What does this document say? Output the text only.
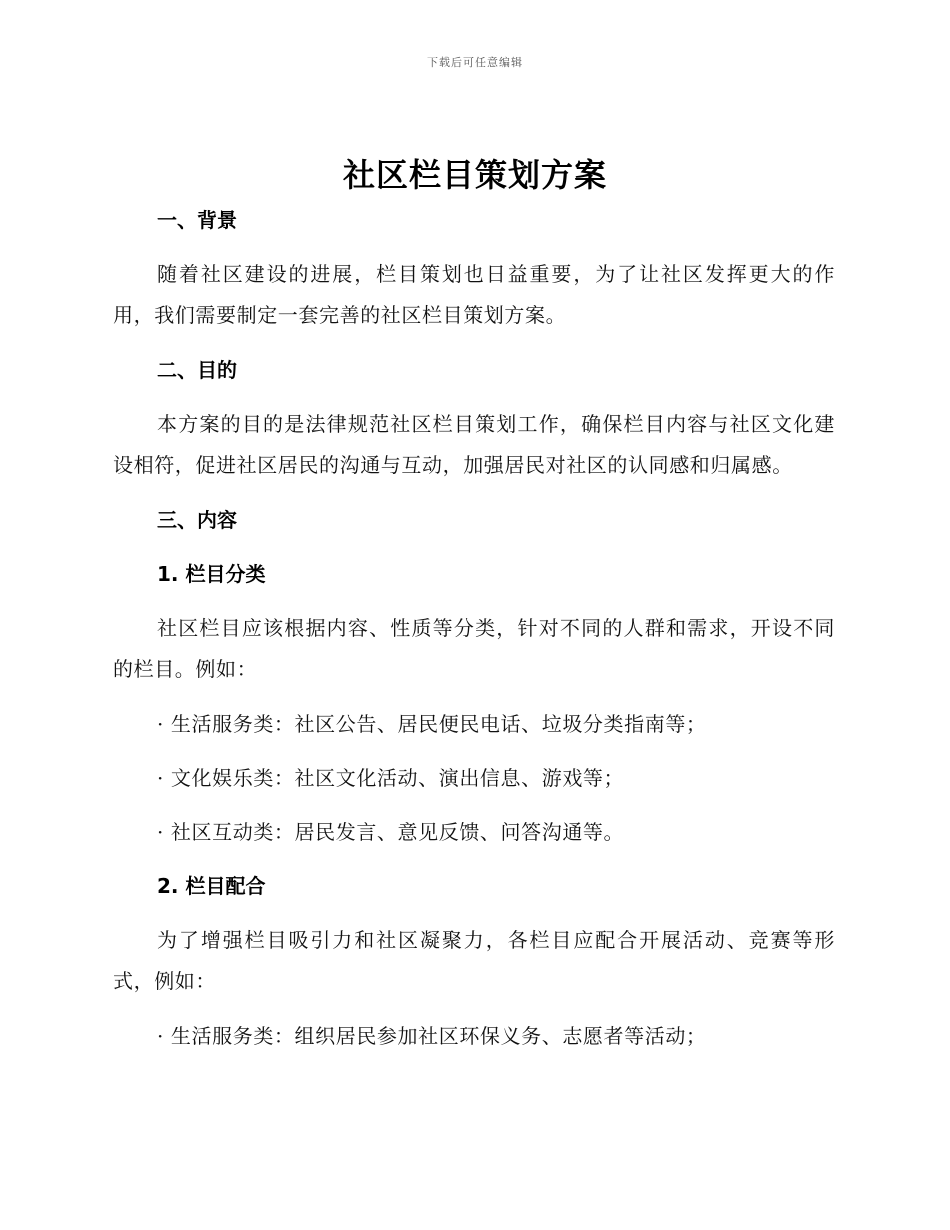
下载后可任意编辑
社区栏目策划方案

一、背景

随着社区建设的进展，栏目策划也日益重要，为了让社区发挥更大的作用，我们需要制定一套完善的社区栏目策划方案。

二、目的

本方案的目的是法律规范社区栏目策划工作，确保栏目内容与社区文化建设相符，促进社区居民的沟通与互动，加强居民对社区的认同感和归属感。

三、内容

1. 栏目分类

社区栏目应该根据内容、性质等分类，针对不同的人群和需求，开设不同的栏目。例如：

· 生活服务类：社区公告、居民便民电话、垃圾分类指南等；

· 文化娱乐类：社区文化活动、演出信息、游戏等；

· 社区互动类：居民发言、意见反馈、问答沟通等。

2. 栏目配合

为了增强栏目吸引力和社区凝聚力，各栏目应配合开展活动、竞赛等形式，例如：

· 生活服务类：组织居民参加社区环保义务、志愿者等活动；
